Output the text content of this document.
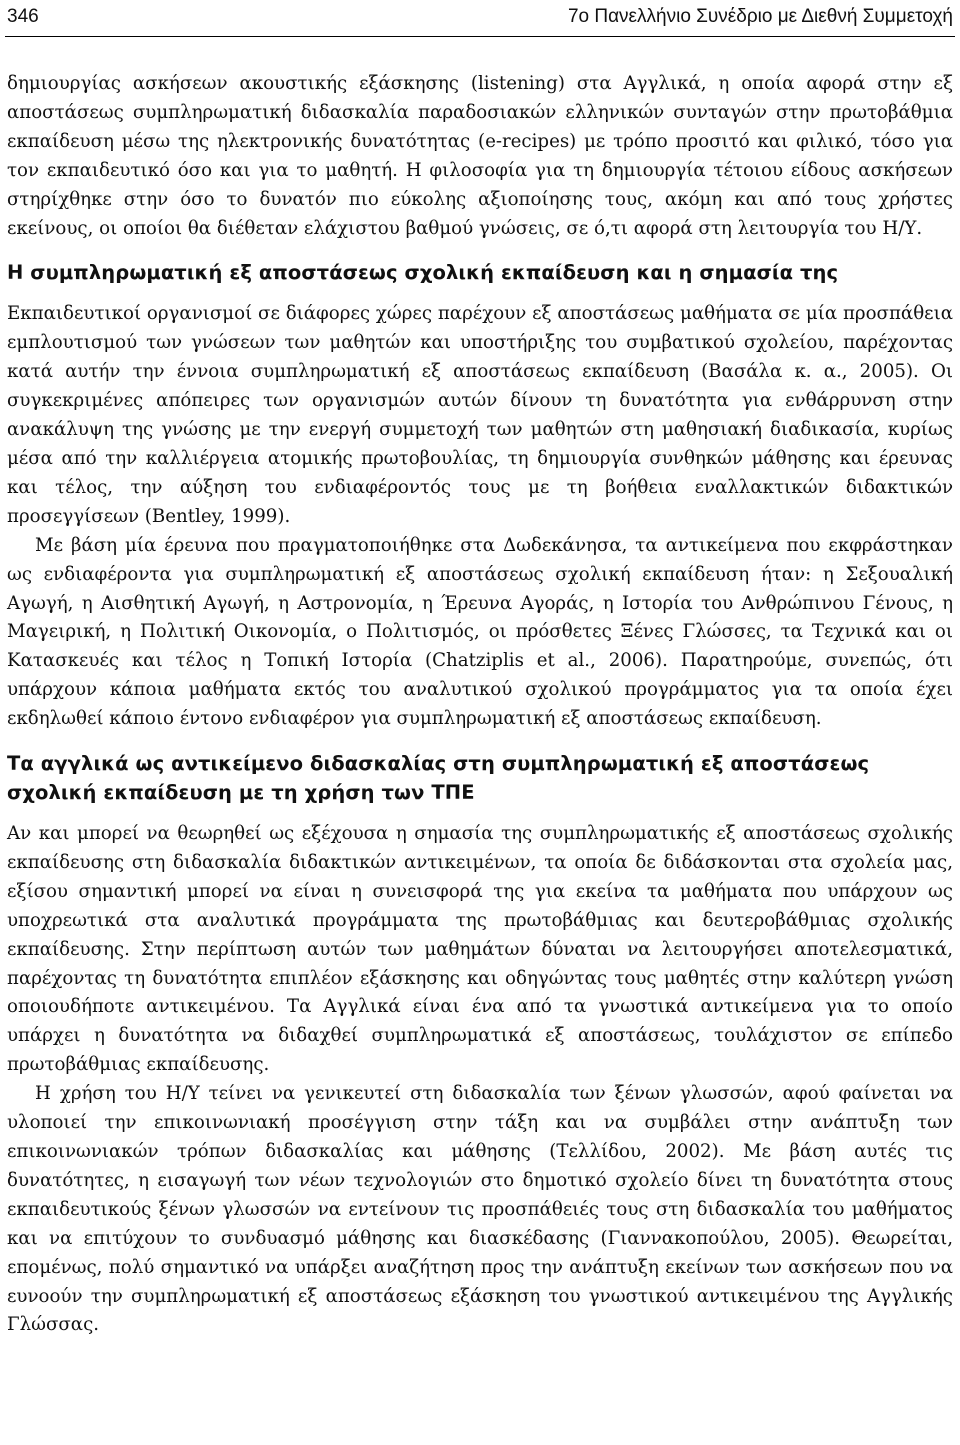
346	7ο Πανελλήνιο Συνέδριο με Διεθνή Συμμετοχή

δημιουργίας ασκήσεων ακουστικής εξάσκησης (listening) στα Αγγλικά, η οποία αφορά στην εξ αποστάσεως συμπληρωματική διδασκαλία παραδοσιακών ελληνικών συνταγών στην πρωτοβάθμια εκπαίδευση μέσω της ηλεκτρονικής δυνατότητας (e-recipes) με τρόπο προσιτό και φιλικό, τόσο για τον εκπαιδευτικό όσο και για το μαθητή. Η φιλοσοφία για τη δημιουργία τέτοιου είδους ασκήσεων στηρίχθηκε στην όσο το δυνατόν πιο εύκολης αξιοποίησης τους, ακόμη και από τους χρήστες εκείνους, οι οποίοι θα διέθεταν ελάχιστου βαθμού γνώσεις, σε ό,τι αφορά στη λειτουργία του Η/Υ.

Η συμπληρωματική εξ αποστάσεως σχολική εκπαίδευση και η σημασία της

Εκπαιδευτικοί οργανισμοί σε διάφορες χώρες παρέχουν εξ αποστάσεως μαθήματα σε μία προσπάθεια εμπλουτισμού των γνώσεων των μαθητών και υποστήριξης του συμβατικού σχολείου, παρέχοντας κατά αυτήν την έννοια συμπληρωματική εξ αποστάσεως εκπαίδευση (Βασάλα κ. α., 2005). Οι συγκεκριμένες απόπειρες των οργανισμών αυτών δίνουν τη δυνατότητα για ενθάρρυνση στην ανακάλυψη της γνώσης με την ενεργή συμμετοχή των μαθητών στη μαθησιακή διαδικασία, κυρίως μέσα από την καλλιέργεια ατομικής πρωτοβουλίας, τη δημιουργία συνθηκών μάθησης και έρευνας και τέλος, την αύξηση του ενδιαφέροντός τους με τη βοήθεια εναλλακτικών διδακτικών προσεγγίσεων (Bentley, 1999).

Με βάση μία έρευνα που πραγματοποιήθηκε στα Δωδεκάνησα, τα αντικείμενα που εκφράστηκαν ως ενδιαφέροντα για συμπληρωματική εξ αποστάσεως σχολική εκπαίδευση ήταν: η Σεξουαλική Αγωγή, η Αισθητική Αγωγή, η Αστρονομία, η Έρευνα Αγοράς, η Ιστορία του Ανθρώπινου Γένους, η Μαγειρική, η Πολιτική Οικονομία, ο Πολιτισμός, οι πρόσθετες Ξένες Γλώσσες, τα Τεχνικά και οι Κατασκευές και τέλος η Τοπική Ιστορία (Chatziplis et al., 2006). Παρατηρούμε, συνεπώς, ότι υπάρχουν κάποια μαθήματα εκτός του αναλυτικού σχολικού προγράμματος για τα οποία έχει εκδηλωθεί κάποιο έντονο ενδιαφέρον για συμπληρωματική εξ αποστάσεως εκπαίδευση.

Τα αγγλικά ως αντικείμενο διδασκαλίας στη συμπληρωματική εξ αποστάσεως σχολική εκπαίδευση με τη χρήση των ΤΠΕ

Αν και μπορεί να θεωρηθεί ως εξέχουσα η σημασία της συμπληρωματικής εξ αποστάσεως σχολικής εκπαίδευσης στη διδασκαλία διδακτικών αντικειμένων, τα οποία δε διδάσκονται στα σχολεία μας, εξίσου σημαντική μπορεί να είναι η συνεισφορά της για εκείνα τα μαθήματα που υπάρχουν ως υποχρεωτικά στα αναλυτικά προγράμματα της πρωτοβάθμιας και δευτεροβάθμιας σχολικής εκπαίδευσης. Στην περίπτωση αυτών των μαθημάτων δύναται να λειτουργήσει αποτελεσματικά, παρέχοντας τη δυνατότητα επιπλέον εξάσκησης και οδηγώντας τους μαθητές στην καλύτερη γνώση οποιουδήποτε αντικειμένου. Τα Αγγλικά είναι ένα από τα γνωστικά αντικείμενα για το οποίο υπάρχει η δυνατότητα να διδαχθεί συμπληρωματικά εξ αποστάσεως, τουλάχιστον σε επίπεδο πρωτοβάθμιας εκπαίδευσης.

Η χρήση του Η/Υ τείνει να γενικευτεί στη διδασκαλία των ξένων γλωσσών, αφού φαίνεται να υλοποιεί την επικοινωνιακή προσέγγιση στην τάξη και να συμβάλει στην ανάπτυξη των επικοινωνιακών τρόπων διδασκαλίας και μάθησης (Τελλίδου, 2002). Με βάση αυτές τις δυνατότητες, η εισαγωγή των νέων τεχνολογιών στο δημοτικό σχολείο δίνει τη δυνατότητα στους εκπαιδευτικούς ξένων γλωσσών να εντείνουν τις προσπάθειές τους στη διδασκαλία του μαθήματος και να επιτύχουν το συνδυασμό μάθησης και διασκέδασης (Γιαννακοπούλου, 2005). Θεωρείται, επομένως, πολύ σημαντικό να υπάρξει αναζήτηση προς την ανάπτυξη εκείνων των ασκήσεων που να ευνοούν την συμπληρωματική εξ αποστάσεως εξάσκηση του γνωστικού αντικειμένου της Αγγλικής Γλώσσας.
